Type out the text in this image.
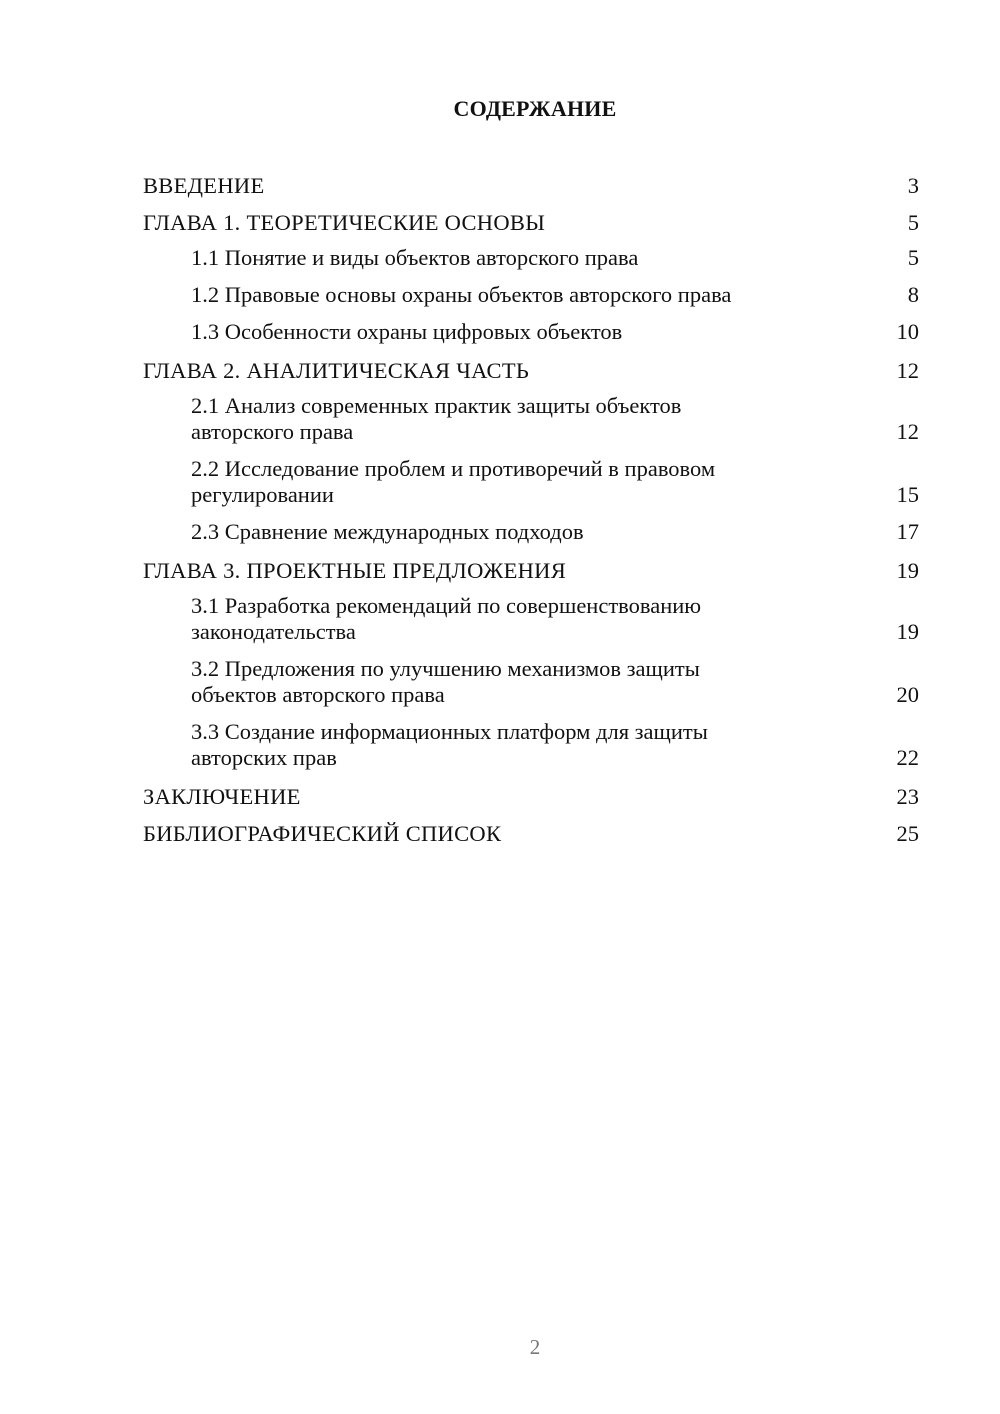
СОДЕРЖАНИЕ
ВВЕДЕНИЕ	3
ГЛАВА 1. ТЕОРЕТИЧЕСКИЕ ОСНОВЫ	5
1.1 Понятие и виды объектов авторского права	5
1.2 Правовые основы охраны объектов авторского права	8
1.3 Особенности охраны цифровых объектов	10
ГЛАВА 2. АНАЛИТИЧЕСКАЯ ЧАСТЬ	12
2.1 Анализ современных практик защиты объектов
авторского права	12
2.2 Исследование проблем и противоречий в правовом
регулировании	15
2.3 Сравнение международных подходов	17
ГЛАВА 3. ПРОЕКТНЫЕ ПРЕДЛОЖЕНИЯ	19
3.1 Разработка рекомендаций по совершенствованию
законодательства	19
3.2 Предложения по улучшению механизмов защиты
объектов авторского права	20
3.3 Создание информационных платформ для защиты
авторских прав	22
ЗАКЛЮЧЕНИЕ	23
БИБЛИОГРАФИЧЕСКИЙ СПИСОК	25
2
